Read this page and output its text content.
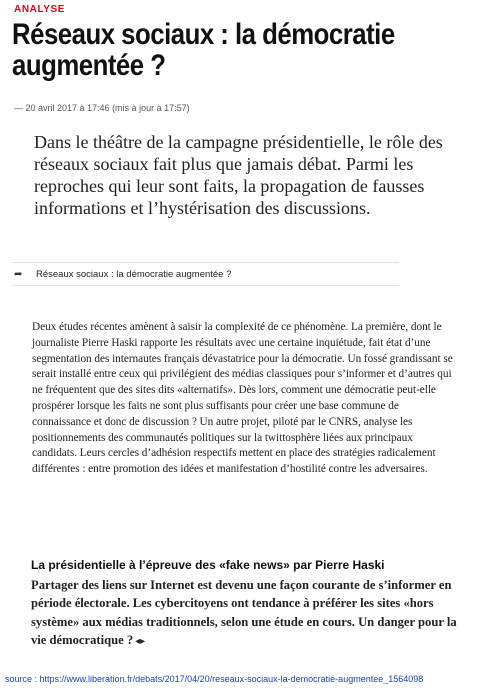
ANALYSE
Réseaux sociaux : la démocratie augmentée ?
— 20 avril 2017 à 17:46 (mis à jour à 17:57)

Dans le théâtre de la campagne présidentielle, le rôle des réseaux sociaux fait plus que jamais débat. Parmi les reproches qui leur sont faits, la propagation de fausses informations et l’hystérisation des discussions.

➦	Réseaux sociaux : la démocratie augmentée ?

Deux études récentes amènent à saisir la complexité de ce phénomène. La première, dont le journaliste Pierre Haski rapporte les résultats avec une certaine inquiétude, fait état d’une segmentation des internautes français dévastatrice pour la démocratie. Un fossé grandissant se serait installé entre ceux qui privilégient des médias classiques pour s’informer et d’autres qui ne fréquentent que des sites dits «alternatifs». Dès lors, comment une démocratie peut-elle prospérer lorsque les faits ne sont plus suffisants pour créer une base commune de connaissance et donc de discussion ? Un autre projet, piloté par le CNRS, analyse les positionnements des communautés politiques sur la twittosphère liées aux principaux candidats. Leurs cercles d’adhésion respectifs mettent en place des stratégies radicalement différentes : entre promotion des idées et manifestation d’hostilité contre les adversaires.

La présidentielle à l’épreuve des «fake news» par Pierre Haski

Partager des liens sur Internet est devenu une façon courante de s’informer en période électorale. Les cybercitoyens ont tendance à préférer les sites «hors système» aux médias traditionnels, selon une étude en cours. Un danger pour la vie démocratique ? ◂▸

source : https://www.liberation.fr/debats/2017/04/20/reseaux-sociaux-la-democratie-augmentee_1564098
